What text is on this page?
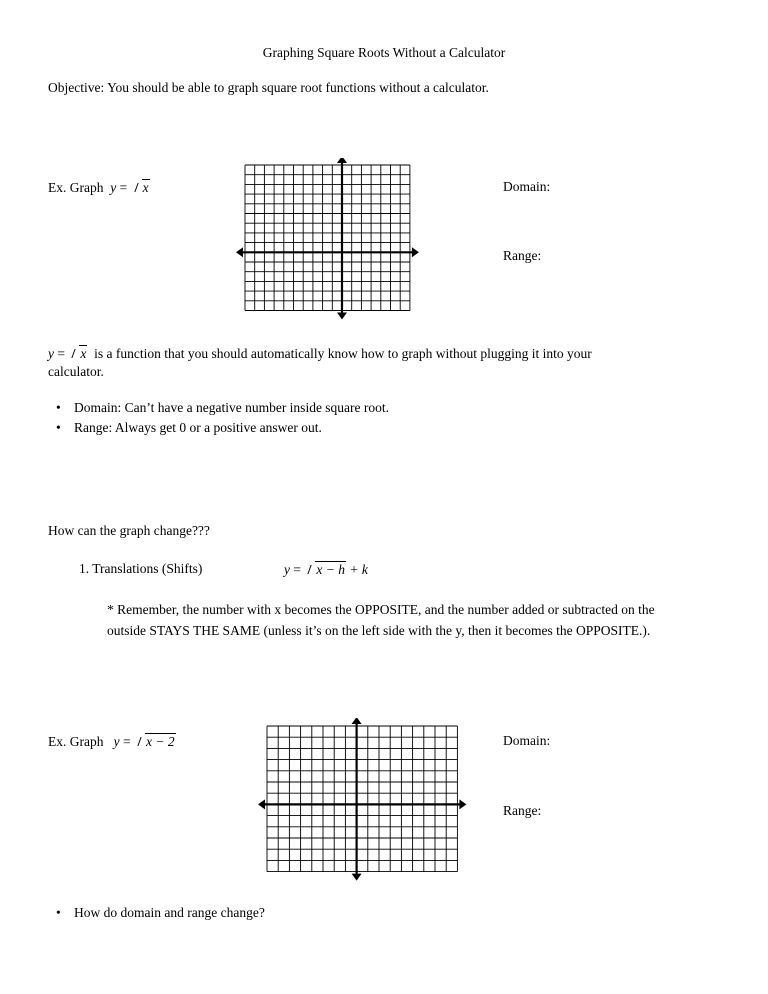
Graphing Square Roots Without a Calculator
Objective: You should be able to graph square root functions without a calculator.
Ex. Graph y = x	Domain:
Range:
y = x is a function that you should automatically know how to graph without plugging it into your
calculator.
• Domain: Can’t have a negative number inside square root.
• Range: Always get 0 or a positive answer out.
How can the graph change???
1. Translations (Shifts)	y = x − h + k
* Remember, the number with x becomes the OPPOSITE, and the number added or subtracted on the outside STAYS THE SAME (unless it’s on the left side with the y, then it becomes the OPPOSITE.).
Ex. Graph y = x − 2	Domain:
Range:
• How do domain and range change?
